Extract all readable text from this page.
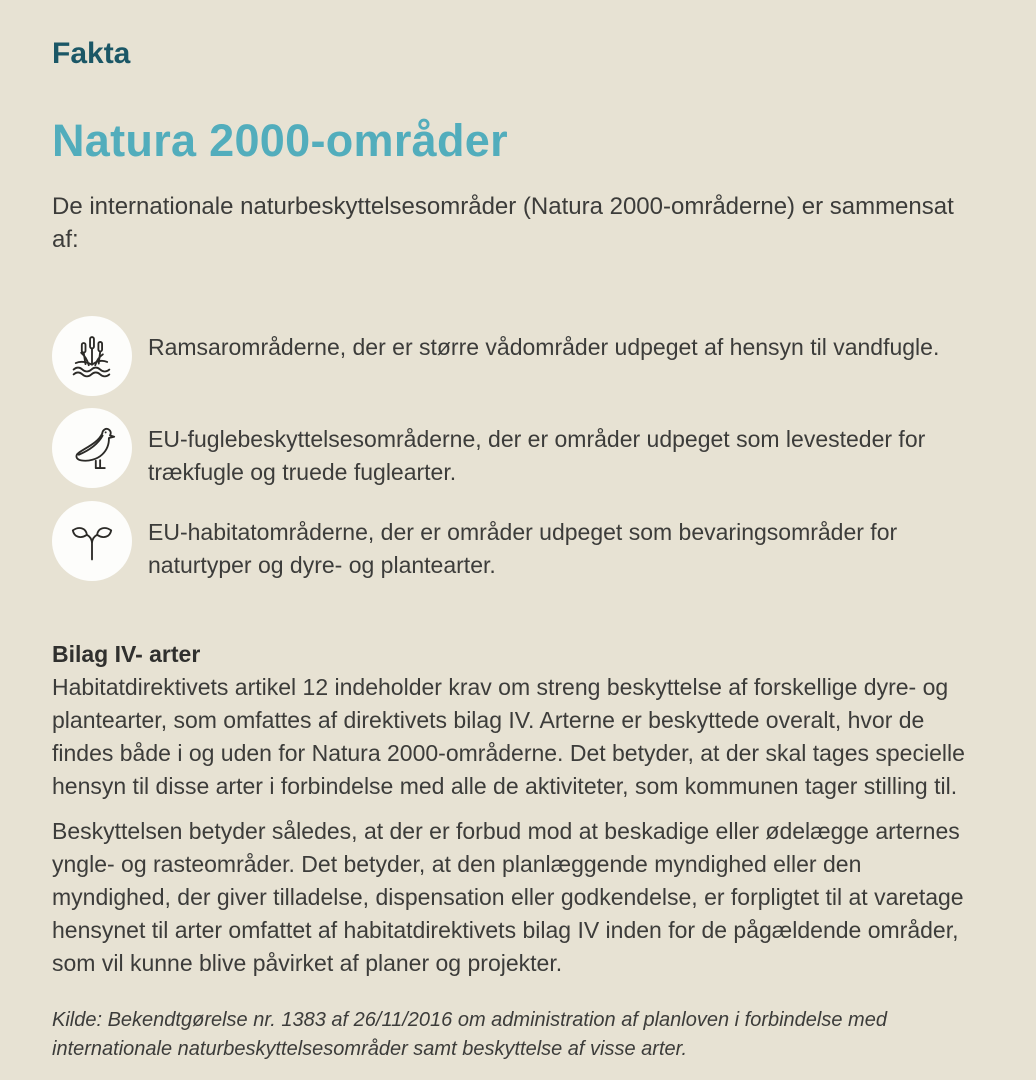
Fakta
Natura 2000-områder

De internationale naturbeskyttelsesområder (Natura 2000-områderne) er sammensat af:

Ramsarområderne, der er større vådområder udpeget af hensyn til vandfugle.

EU-fuglebeskyttelsesområderne, der er områder udpeget som levesteder for trækfugle og truede fuglearter.

EU-habitatområderne, der er områder udpeget som bevaringsområder for naturtyper og dyre- og plantearter.

Bilag IV- arter

Habitatdirektivets artikel 12 indeholder krav om streng beskyttelse af forskellige dyre- og plantearter, som omfattes af direktivets bilag IV. Arterne er beskyttede overalt, hvor de findes både i og uden for Natura 2000-områderne. Det betyder, at der skal tages specielle hensyn til disse arter i forbindelse med alle de aktiviteter, som kommunen tager stilling til.

Beskyttelsen betyder således, at der er forbud mod at beskadige eller ødelægge arternes yngle- og rasteområder. Det betyder, at den planlæggende myndighed eller den myndighed, der giver tilladelse, dispensation eller godkendelse, er forpligtet til at varetage hensynet til arter omfattet af habitatdirektivets bilag IV inden for de pågældende områder, som vil kunne blive påvirket af planer og projekter.

Kilde: Bekendtgørelse nr. 1383 af 26/11/2016 om administration af planloven i forbindelse med internationale naturbeskyttelsesområder samt beskyttelse af visse arter.
